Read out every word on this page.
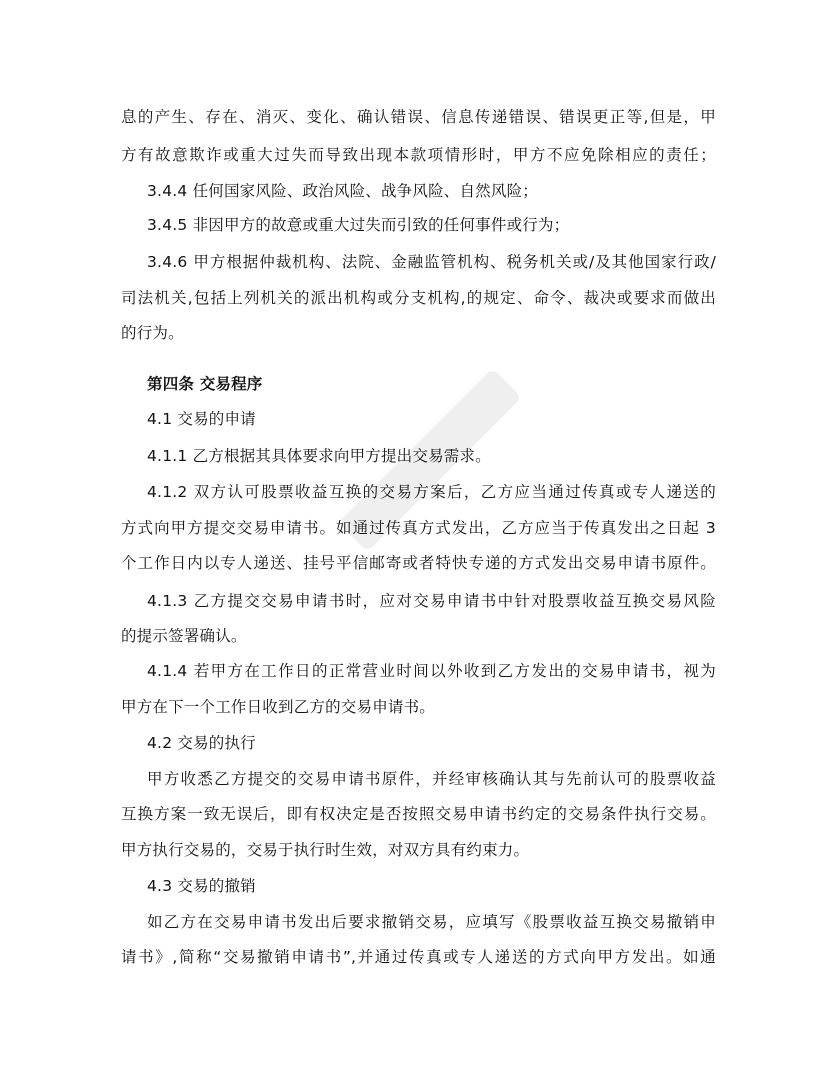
息的产生、存在、消灭、变化、确认错误、信息传递错误、错误更正等,但是，甲
方有故意欺诈或重大过失而导致出现本款项情形时，甲方不应免除相应的责任；
3.4.4 任何国家风险、政治风险、战争风险、自然风险；
3.4.5 非因甲方的故意或重大过失而引致的任何事件或行为；
3.4.6 甲方根据仲裁机构、法院、金融监管机构、税务机关或/及其他国家行政/
司法机关,包括上列机关的派出机构或分支机构,的规定、命令、裁决或要求而做出
的行为。
第四条 交易程序
4.1 交易的申请
4.1.1 乙方根据其具体要求向甲方提出交易需求。
4.1.2 双方认可股票收益互换的交易方案后，乙方应当通过传真或专人递送的
方式向甲方提交交易申请书。如通过传真方式发出，乙方应当于传真发出之日起 3
个工作日内以专人递送、挂号平信邮寄或者特快专递的方式发出交易申请书原件。
4.1.3 乙方提交交易申请书时，应对交易申请书中针对股票收益互换交易风险
的提示签署确认。
4.1.4 若甲方在工作日的正常营业时间以外收到乙方发出的交易申请书，视为
甲方在下一个工作日收到乙方的交易申请书。
4.2 交易的执行
甲方收悉乙方提交的交易申请书原件，并经审核确认其与先前认可的股票收益
互换方案一致无误后，即有权决定是否按照交易申请书约定的交易条件执行交易。
甲方执行交易的，交易于执行时生效，对双方具有约束力。
4.3 交易的撤销
如乙方在交易申请书发出后要求撤销交易，应填写《股票收益互换交易撤销申
请书》,简称“交易撤销申请书”,并通过传真或专人递送的方式向甲方发出。如通
